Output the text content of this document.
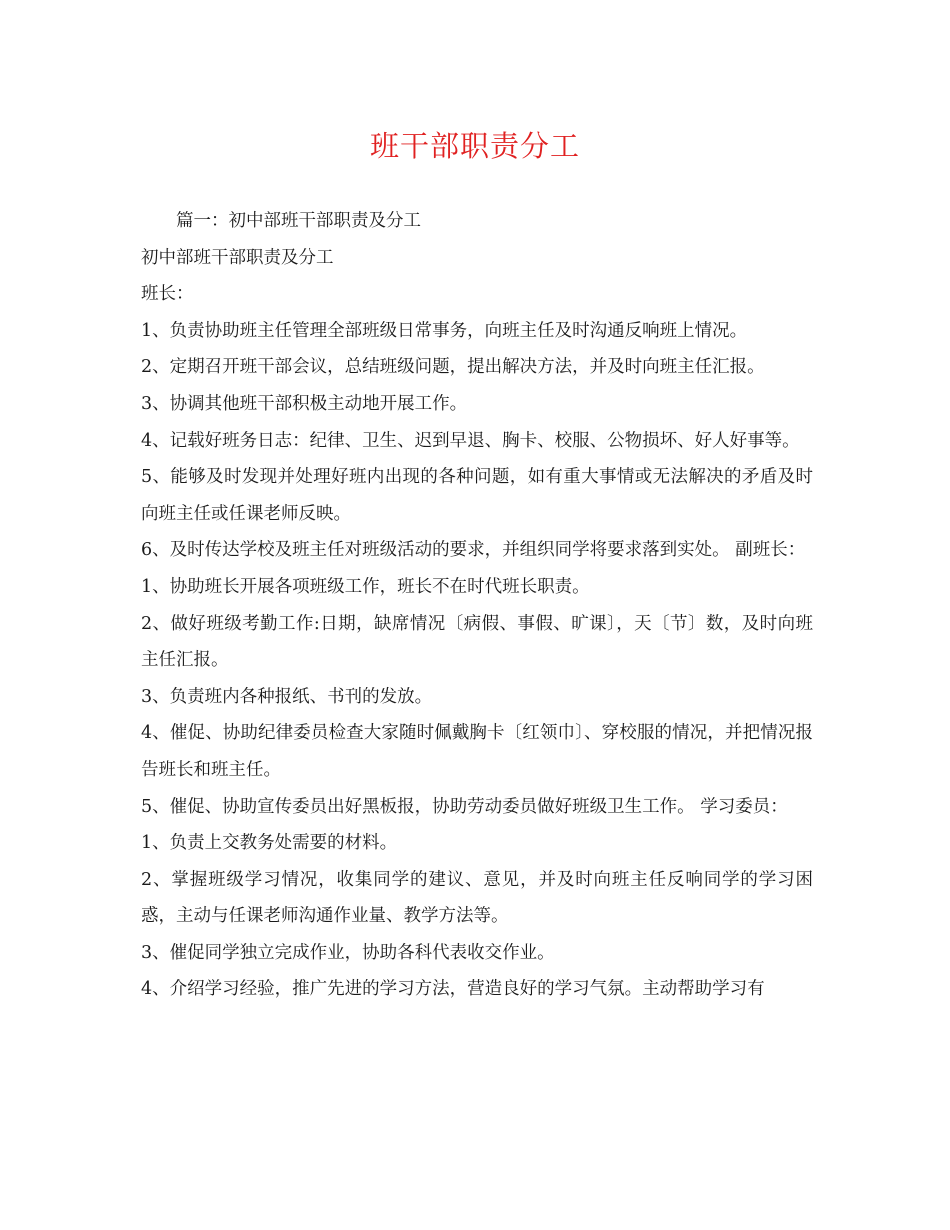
班干部职责分工

篇一：初中部班干部职责及分工

初中部班干部职责及分工

班长：

1、负责协助班主任管理全部班级日常事务，向班主任及时沟通反响班上情况。

2、定期召开班干部会议，总结班级问题，提出解决方法，并及时向班主任汇报。

3、协调其他班干部积极主动地开展工作。

4、记载好班务日志：纪律、卫生、迟到早退、胸卡、校服、公物损坏、好人好事等。

5、能够及时发现并处理好班内出现的各种问题，如有重大事情或无法解决的矛盾及时向班主任或任课老师反映。

6、及时传达学校及班主任对班级活动的要求，并组织同学将要求落到实处。 副班长：

1、协助班长开展各项班级工作，班长不在时代班长职责。

2、做好班级考勤工作:日期，缺席情况〔病假、事假、旷课〕，天〔节〕数，及时向班主任汇报。

3、负责班内各种报纸、书刊的发放。

4、催促、协助纪律委员检查大家随时佩戴胸卡〔红领巾〕、穿校服的情况，并把情况报告班长和班主任。

5、催促、协助宣传委员出好黑板报，协助劳动委员做好班级卫生工作。 学习委员：

1、负责上交教务处需要的材料。

2、掌握班级学习情况，收集同学的建议、意见，并及时向班主任反响同学的学习困惑，主动与任课老师沟通作业量、教学方法等。

3、催促同学独立完成作业，协助各科代表收交作业。

4、介绍学习经验，推广先进的学习方法，营造良好的学习气氛。主动帮助学习有
